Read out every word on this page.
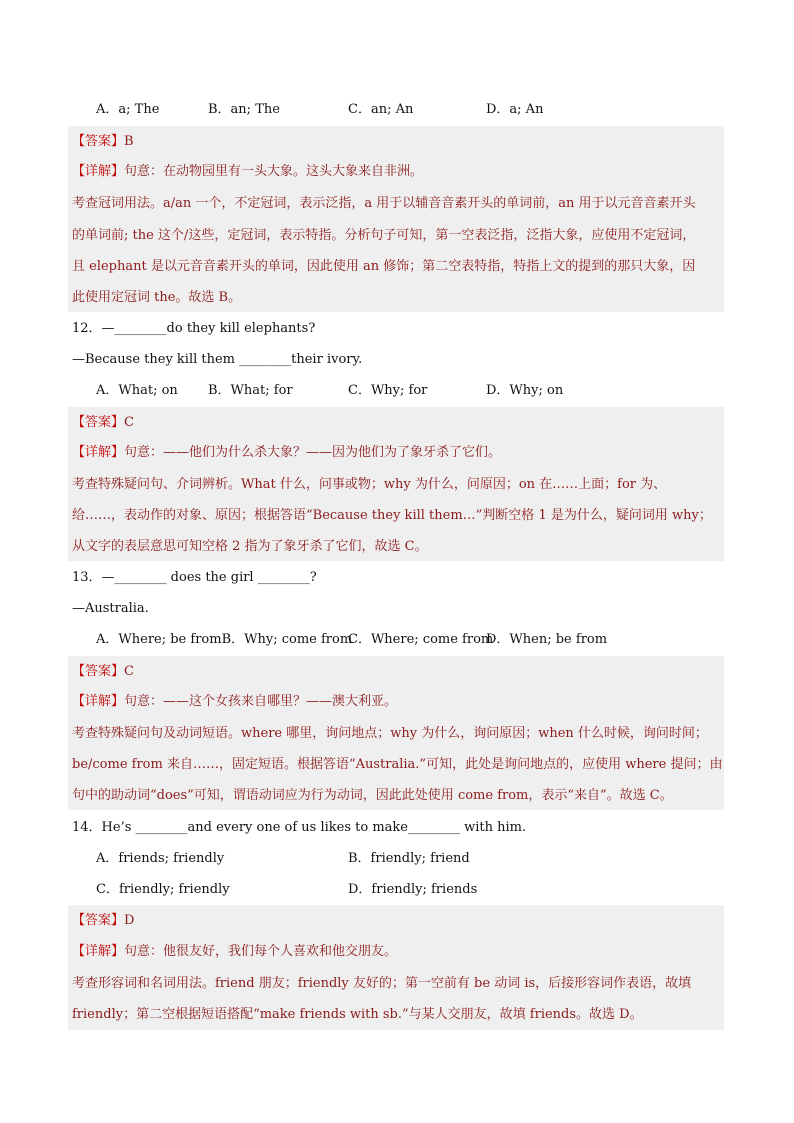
A．a; The	B．an; The	C．an; An	D．a; An
【答案】B
【详解】句意：在动物园里有一头大象。这头大象来自非洲。
考查冠词用法。a/an 一个，不定冠词，表示泛指，a 用于以辅音音素开头的单词前，an 用于以元音音素开头
的单词前; the 这个/这些，定冠词，表示特指。分析句子可知，第一空表泛指，泛指大象，应使用不定冠词，
且 elephant 是以元音音素开头的单词，因此使用 an 修饰；第二空表特指，特指上文的提到的那只大象，因
此使用定冠词 the。故选 B。
12．—________do they kill elephants?
—Because they kill them ________their ivory.
A．What; on B．What; for	C．Why; for	D．Why; on
【答案】C
【详解】句意：——他们为什么杀大象？——因为他们为了象牙杀了它们。
考查特殊疑问句、介词辨析。What 什么，问事或物；why 为什么，问原因；on 在……上面；for 为、
给……，表动作的对象、原因；根据答语“Because they kill them…”判断空格 1 是为什么，疑问词用 why；
从文字的表层意思可知空格 2 指为了象牙杀了它们，故选 C。
13．—________ does the girl ________?
—Australia.
A．Where; be fromB．Why; come from
C．Where; come from
D．When; be from
【答案】C
【详解】句意：——这个女孩来自哪里？——澳大利亚。
考查特殊疑问句及动词短语。where 哪里，询问地点；why 为什么，询问原因；when 什么时候，询问时间；
be/come from 来自……，固定短语。根据答语“Australia.”可知，此处是询问地点的，应使用 where 提问；由
句中的助动词“does”可知，谓语动词应为行为动词，因此此处使用 come from，表示“来自”。故选 C。
14．He’s ________and every one of us likes to make________ with him.
A．friends; friendly	B．friendly; friend
C．friendly; friendly	D．friendly; friends
【答案】D
【详解】句意：他很友好，我们每个人喜欢和他交朋友。
考查形容词和名词用法。friend 朋友；friendly 友好的；第一空前有 be 动词 is，后接形容词作表语，故填
friendly；第二空根据短语搭配“make friends with sb.”与某人交朋友，故填 friends。故选 D。
